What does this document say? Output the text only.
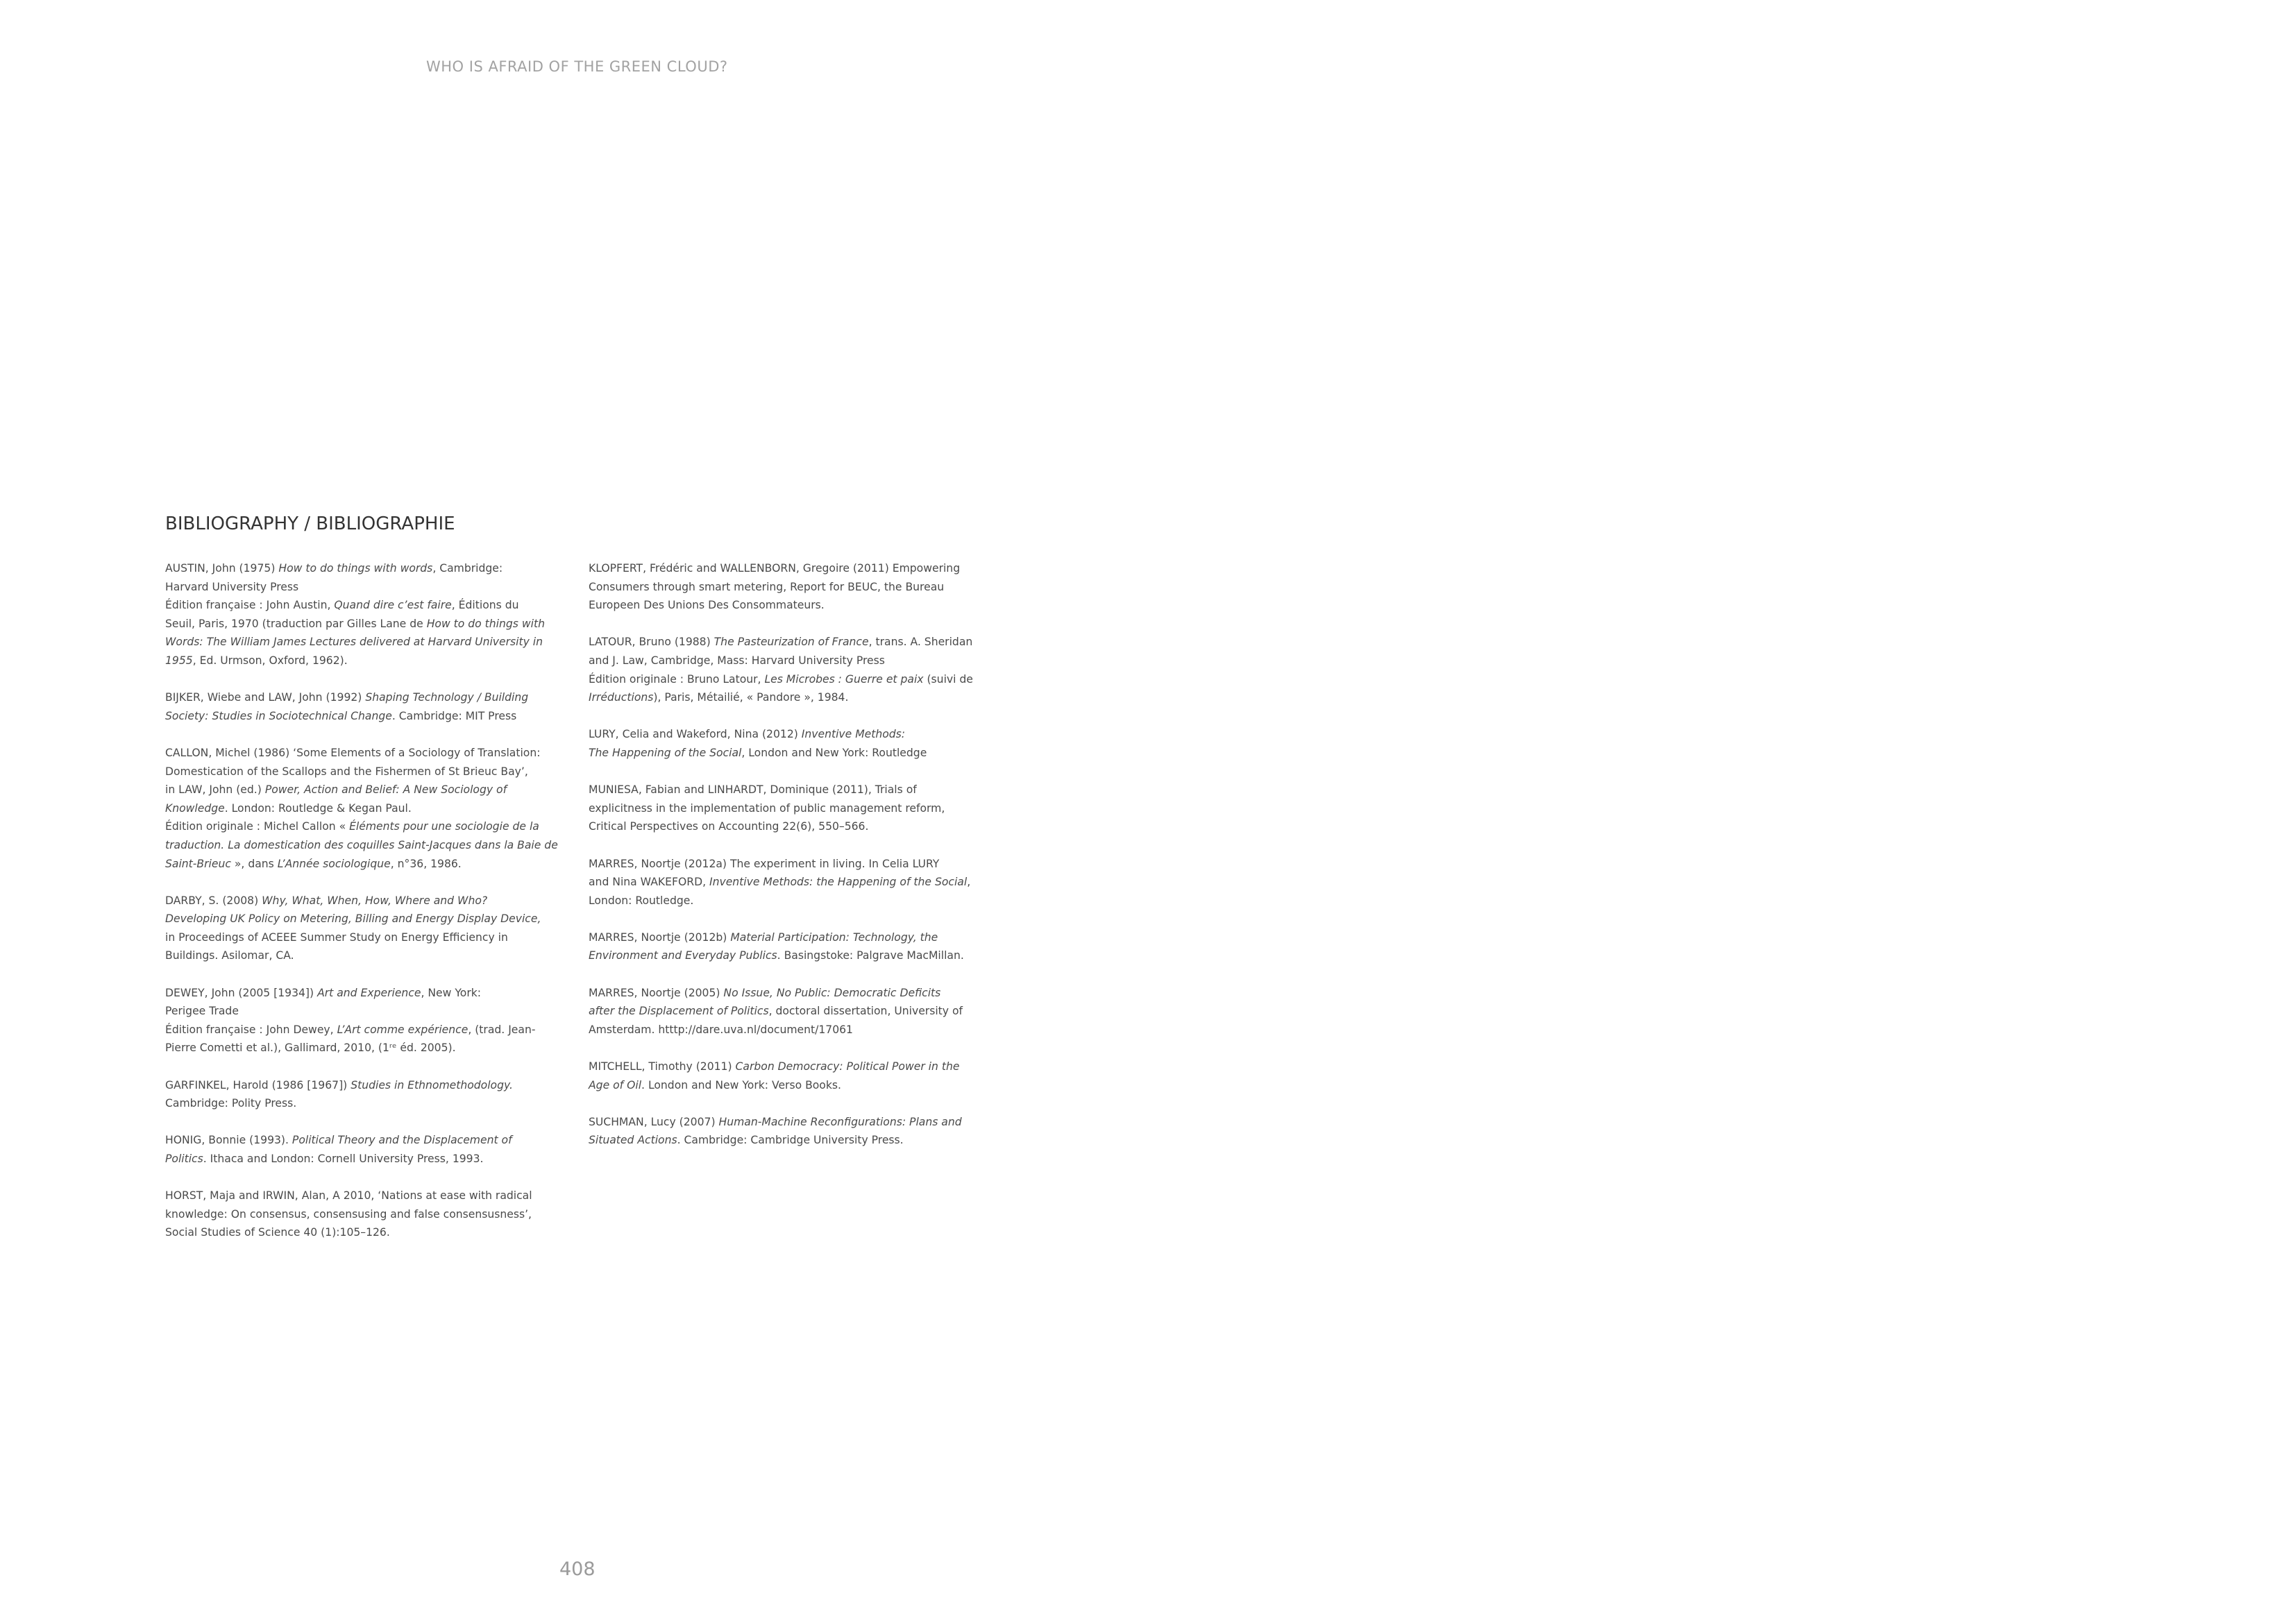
WHO IS AFRAID OF THE GREEN CLOUD?
BIBLIOGRAPHY / BIBLIOGRAPHIE
AUSTIN, John (1975) How to do things with words, Cambridge:
Harvard University Press
Édition française : John Austin, Quand dire c’est faire, Éditions du
Seuil, Paris, 1970 (traduction par Gilles Lane de How to do things with
Words: The William James Lectures delivered at Harvard University in
1955, Ed. Urmson, Oxford, 1962).
BIJKER, Wiebe and LAW, John (1992) Shaping Technology / Building
Society: Studies in Sociotechnical Change. Cambridge: MIT Press
CALLON, Michel (1986) ‘Some Elements of a Sociology of Translation:
Domestication of the Scallops and the Fishermen of St Brieuc Bay’,
in LAW, John (ed.) Power, Action and Belief: A New Sociology of
Knowledge. London: Routledge & Kegan Paul.
Édition originale : Michel Callon « Éléments pour une sociologie de la
traduction. La domestication des coquilles Saint-Jacques dans la Baie de
Saint-Brieuc », dans L’Année sociologique, n°36, 1986.
DARBY, S. (2008) Why, What, When, How, Where and Who?
Developing UK Policy on Metering, Billing and Energy Display Device,
in Proceedings of ACEEE Summer Study on Energy Efficiency in
Buildings. Asilomar, CA.
DEWEY, John (2005 [1934]) Art and Experience, New York:
Perigee Trade
Édition française : John Dewey, L’Art comme expérience, (trad. Jean-
Pierre Cometti et al.), Gallimard, 2010, (1ʳᵉ éd. 2005).
GARFINKEL, Harold (1986 [1967]) Studies in Ethnomethodology.
Cambridge: Polity Press.
HONIG, Bonnie (1993). Political Theory and the Displacement of
Politics. Ithaca and London: Cornell University Press, 1993.
HORST, Maja and IRWIN, Alan, A 2010, ‘Nations at ease with radical
knowledge: On consensus, consensusing and false consensusness’,
Social Studies of Science 40 (1):105–126.
KLOPFERT, Frédéric and WALLENBORN, Gregoire (2011) Empowering
Consumers through smart metering, Report for BEUC, the Bureau
Europeen Des Unions Des Consommateurs.
LATOUR, Bruno (1988) The Pasteurization of France, trans. A. Sheridan
and J. Law, Cambridge, Mass: Harvard University Press
Édition originale : Bruno Latour, Les Microbes : Guerre et paix (suivi de
Irréductions), Paris, Métailié, « Pandore », 1984.
LURY, Celia and Wakeford, Nina (2012) Inventive Methods:
The Happening of the Social, London and New York: Routledge
MUNIESA, Fabian and LINHARDT, Dominique (2011), Trials of
explicitness in the implementation of public management reform,
Critical Perspectives on Accounting 22(6), 550–566.
MARRES, Noortje (2012a) The experiment in living. In Celia LURY
and Nina WAKEFORD, Inventive Methods: the Happening of the Social,
London: Routledge.
MARRES, Noortje (2012b) Material Participation: Technology, the
Environment and Everyday Publics. Basingstoke: Palgrave MacMillan.
MARRES, Noortje (2005) No Issue, No Public: Democratic Deficits
after the Displacement of Politics, doctoral dissertation, University of
Amsterdam. htttp://dare.uva.nl/document/17061
MITCHELL, Timothy (2011) Carbon Democracy: Political Power in the
Age of Oil. London and New York: Verso Books.
SUCHMAN, Lucy (2007) Human-Machine Reconfigurations: Plans and
Situated Actions. Cambridge: Cambridge University Press.
408
